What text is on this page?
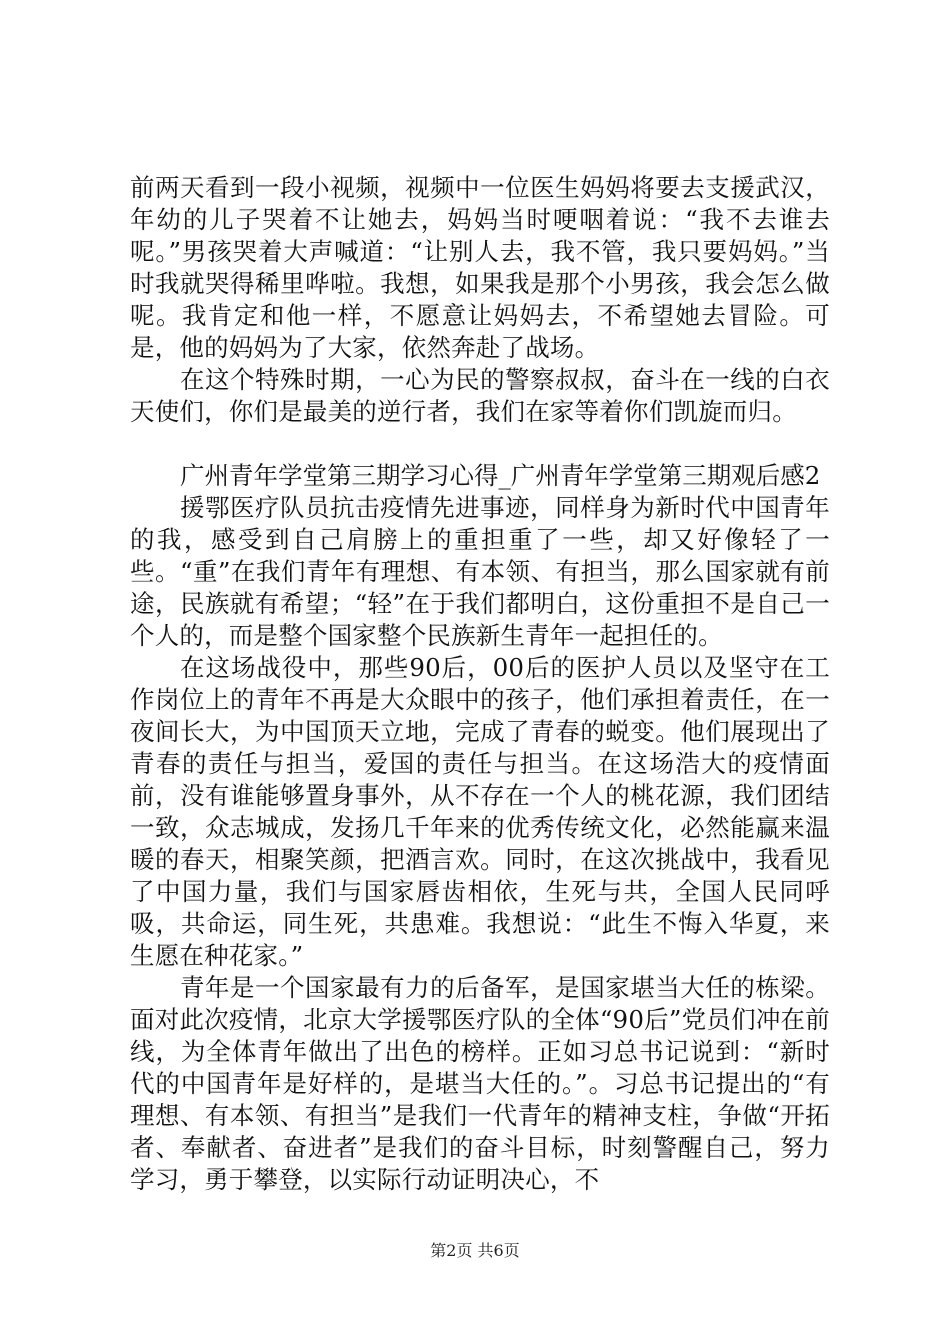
前两天看到一段小视频，视频中一位医生妈妈将要去支援武汉，年幼的儿子哭着不让她去，妈妈当时哽咽着说：“我不去谁去呢。”男孩哭着大声喊道：“让别人去，我不管，我只要妈妈。”当时我就哭得稀里哗啦。我想，如果我是那个小男孩，我会怎么做呢。我肯定和他一样，不愿意让妈妈去，不希望她去冒险。可是，他的妈妈为了大家，依然奔赴了战场。

在这个特殊时期，一心为民的警察叔叔，奋斗在一线的白衣天使们，你们是最美的逆行者，我们在家等着你们凯旋而归。

广州青年学堂第三期学习心得_广州青年学堂第三期观后感2

援鄂医疗队员抗击疫情先进事迹，同样身为新时代中国青年的我，感受到自己肩膀上的重担重了一些，却又好像轻了一些。“重”在我们青年有理想、有本领、有担当，那么国家就有前途，民族就有希望；“轻”在于我们都明白，这份重担不是自己一个人的，而是整个国家整个民族新生青年一起担任的。

在这场战役中，那些90后，00后的医护人员以及坚守在工作岗位上的青年不再是大众眼中的孩子，他们承担着责任，在一夜间长大，为中国顶天立地，完成了青春的蜕变。他们展现出了青春的责任与担当，爱国的责任与担当。在这场浩大的疫情面前，没有谁能够置身事外，从不存在一个人的桃花源，我们团结一致，众志城成，发扬几千年来的优秀传统文化，必然能赢来温暖的春天，相聚笑颜，把酒言欢。同时，在这次挑战中，我看见了中国力量，我们与国家唇齿相依，生死与共，全国人民同呼吸，共命运，同生死，共患难。我想说：“此生不悔入华夏，来生愿在种花家。”

青年是一个国家最有力的后备军，是国家堪当大任的栋梁。面对此次疫情，北京大学援鄂医疗队的全体“90后”党员们冲在前线，为全体青年做出了出色的榜样。正如习总书记说到：“新时代的中国青年是好样的，是堪当大任的。”。习总书记提出的“有理想、有本领、有担当”是我们一代青年的精神支柱，争做“开拓者、奉献者、奋进者”是我们的奋斗目标，时刻警醒自己，努力学习，勇于攀登，以实际行动证明决心，不

第2页 共6页
